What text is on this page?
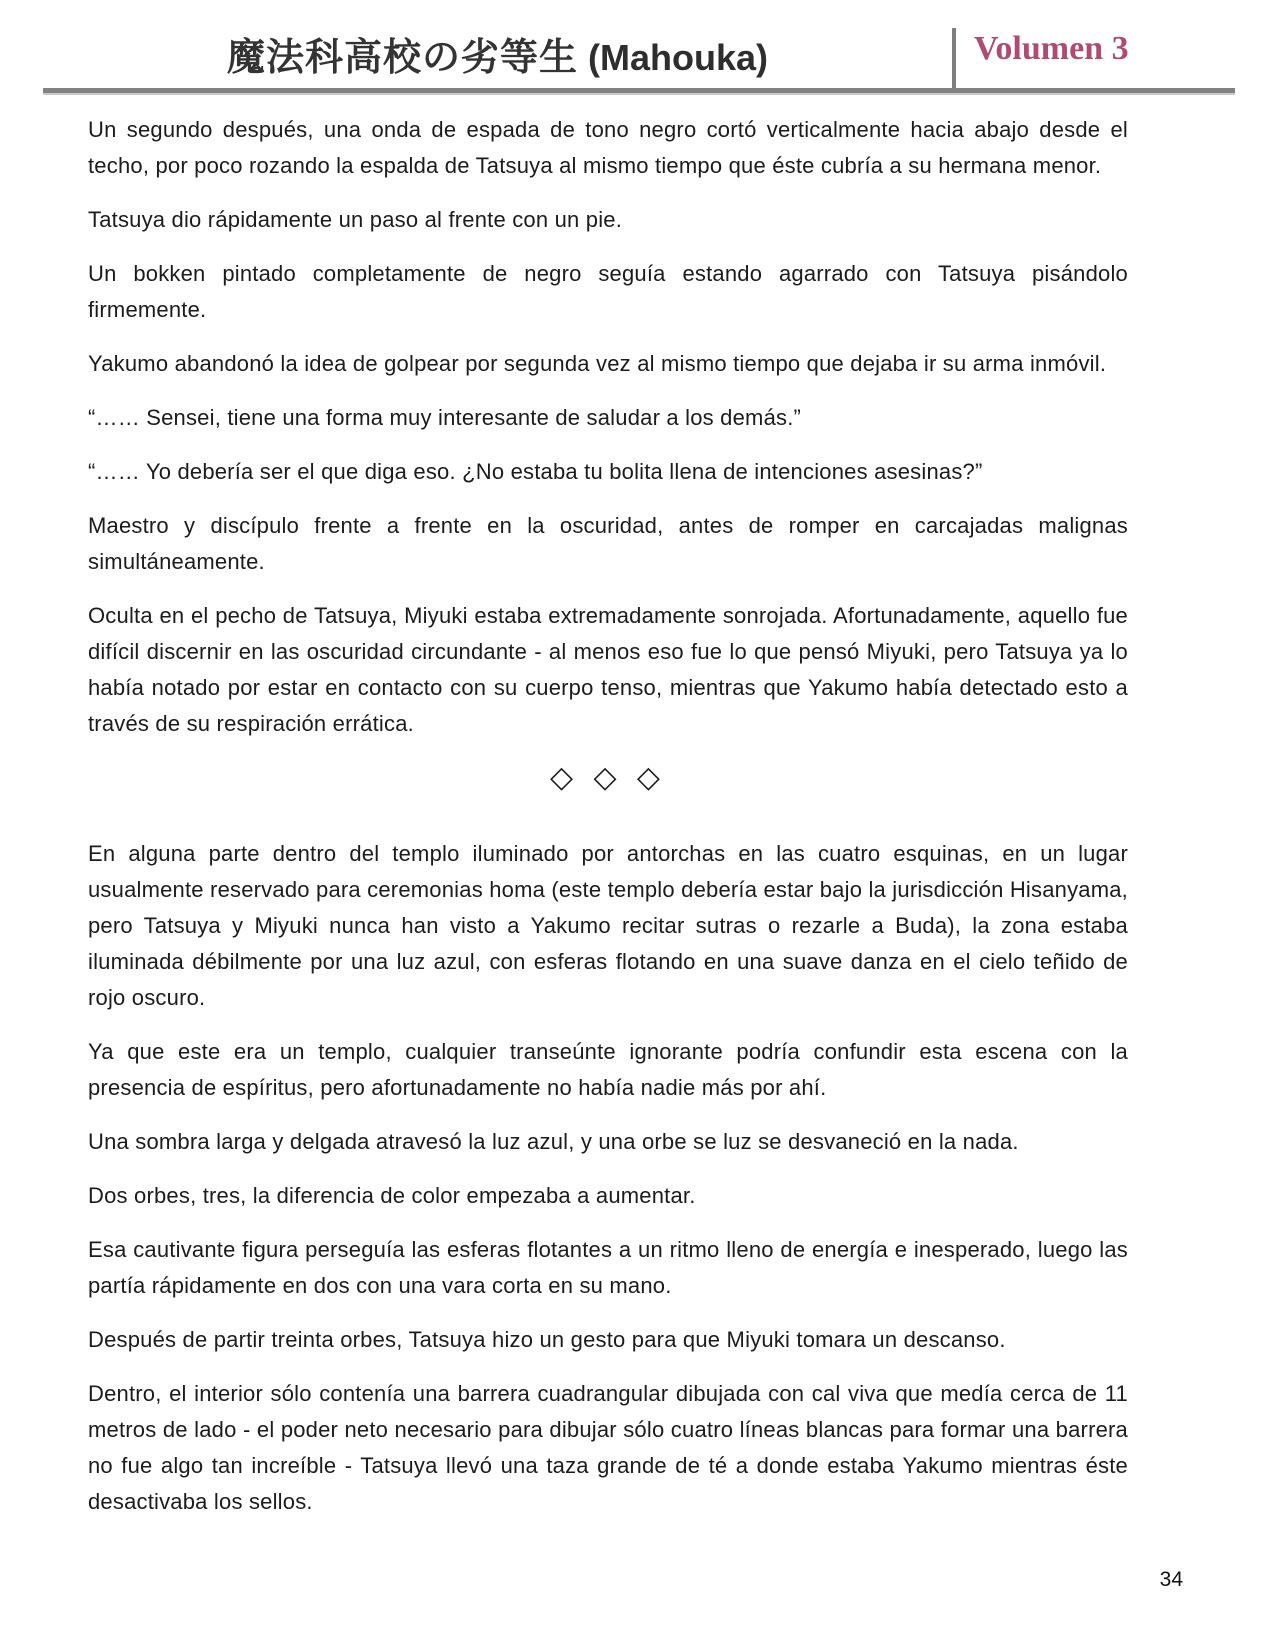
魔法科高校の劣等生 (Mahouka)	Volumen 3

Un segundo después, una onda de espada de tono negro cortó verticalmente hacia abajo desde el techo, por poco rozando la espalda de Tatsuya al mismo tiempo que éste cubría a su hermana menor.

Tatsuya dio rápidamente un paso al frente con un pie.

Un bokken pintado completamente de negro seguía estando agarrado con Tatsuya pisándolo firmemente.

Yakumo abandonó la idea de golpear por segunda vez al mismo tiempo que dejaba ir su arma inmóvil.

“…… Sensei, tiene una forma muy interesante de saludar a los demás.”

“…… Yo debería ser el que diga eso. ¿No estaba tu bolita llena de intenciones asesinas?”

Maestro y discípulo frente a frente en la oscuridad, antes de romper en carcajadas malignas simultáneamente.

Oculta en el pecho de Tatsuya, Miyuki estaba extremadamente sonrojada. Afortunadamente, aquello fue difícil discernir en las oscuridad circundante - al menos eso fue lo que pensó Miyuki, pero Tatsuya ya lo había notado por estar en contacto con su cuerpo tenso, mientras que Yakumo había detectado esto a través de su respiración errática.

◇ ◇ ◇

En alguna parte dentro del templo iluminado por antorchas en las cuatro esquinas, en un lugar usualmente reservado para ceremonias homa (este templo debería estar bajo la jurisdicción Hisanyama, pero Tatsuya y Miyuki nunca han visto a Yakumo recitar sutras o rezarle a Buda), la zona estaba iluminada débilmente por una luz azul, con esferas flotando en una suave danza en el cielo teñido de rojo oscuro.

Ya que este era un templo, cualquier transeúnte ignorante podría confundir esta escena con la presencia de espíritus, pero afortunadamente no había nadie más por ahí.

Una sombra larga y delgada atravesó la luz azul, y una orbe se luz se desvaneció en la nada.

Dos orbes, tres, la diferencia de color empezaba a aumentar.

Esa cautivante figura perseguía las esferas flotantes a un ritmo lleno de energía e inesperado, luego las partía rápidamente en dos con una vara corta en su mano.

Después de partir treinta orbes, Tatsuya hizo un gesto para que Miyuki tomara un descanso.

Dentro, el interior sólo contenía una barrera cuadrangular dibujada con cal viva que medía cerca de 11 metros de lado - el poder neto necesario para dibujar sólo cuatro líneas blancas para formar una barrera no fue algo tan increíble - Tatsuya llevó una taza grande de té a donde estaba Yakumo mientras éste desactivaba los sellos.

34
